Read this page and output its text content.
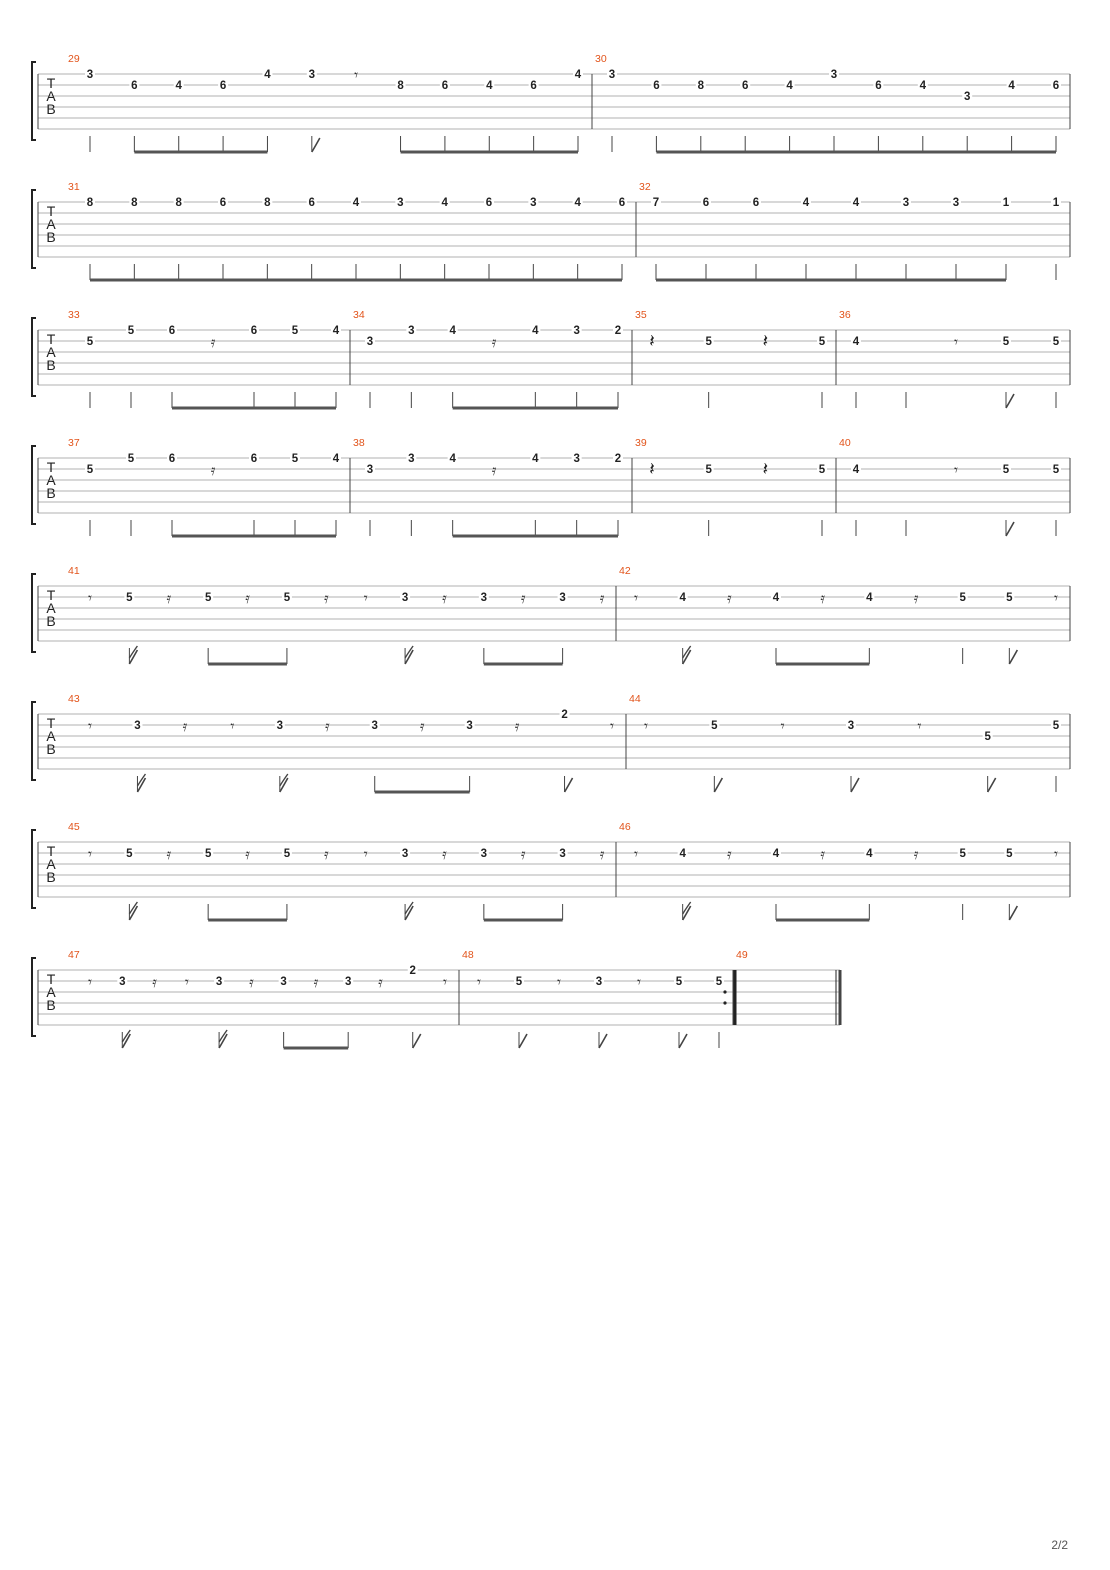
T
A
B
29
3
6	4	6
4	3	𝄾
8	6	4	6
4
30
3
6	8	6	4
3
6	4
3
4	6
T
A
B
31
8	8	8	6	8	6	4	3	4	6	3	4	6
32
7	6	6	4	4	3	3	1	1
T
A
B
33
5
5	6
𝄿
6	5	4
34
3
3	4
𝄿
4	3	2
35
𝄽	5	𝄽	5
36
4	𝄾	5	5
T
A
B
37
5
5	6
𝄿
6	5	4
38
3
3	4
𝄿
4	3	2
39
𝄽	5	𝄽	5
40
4	𝄾	5	5
T
A
B
41
𝄾	5 𝄿	5 𝄿	5 𝄿 𝄾	3 𝄿	3 𝄿	3 𝄿
42
𝄾	4	𝄿	4	𝄿	4	𝄿	5	5	𝄾
T
A
B
43
𝄾	3	𝄿	𝄾	3	𝄿	3	𝄿	3	𝄿
2
𝄾
44
𝄾	5	𝄾	3	𝄾
5
5
T
A
B
45
𝄾	5 𝄿	5 𝄿	5 𝄿 𝄾	3 𝄿	3 𝄿	3 𝄿
46
𝄾	4	𝄿	4	𝄿	4	𝄿	5	5	𝄾
T
A
B
47
𝄾 3 𝄿 𝄾 3 𝄿 3 𝄿 3 𝄿
2
𝄾
48
𝄾	5 𝄾	3 𝄾	5	5
49
2/2
